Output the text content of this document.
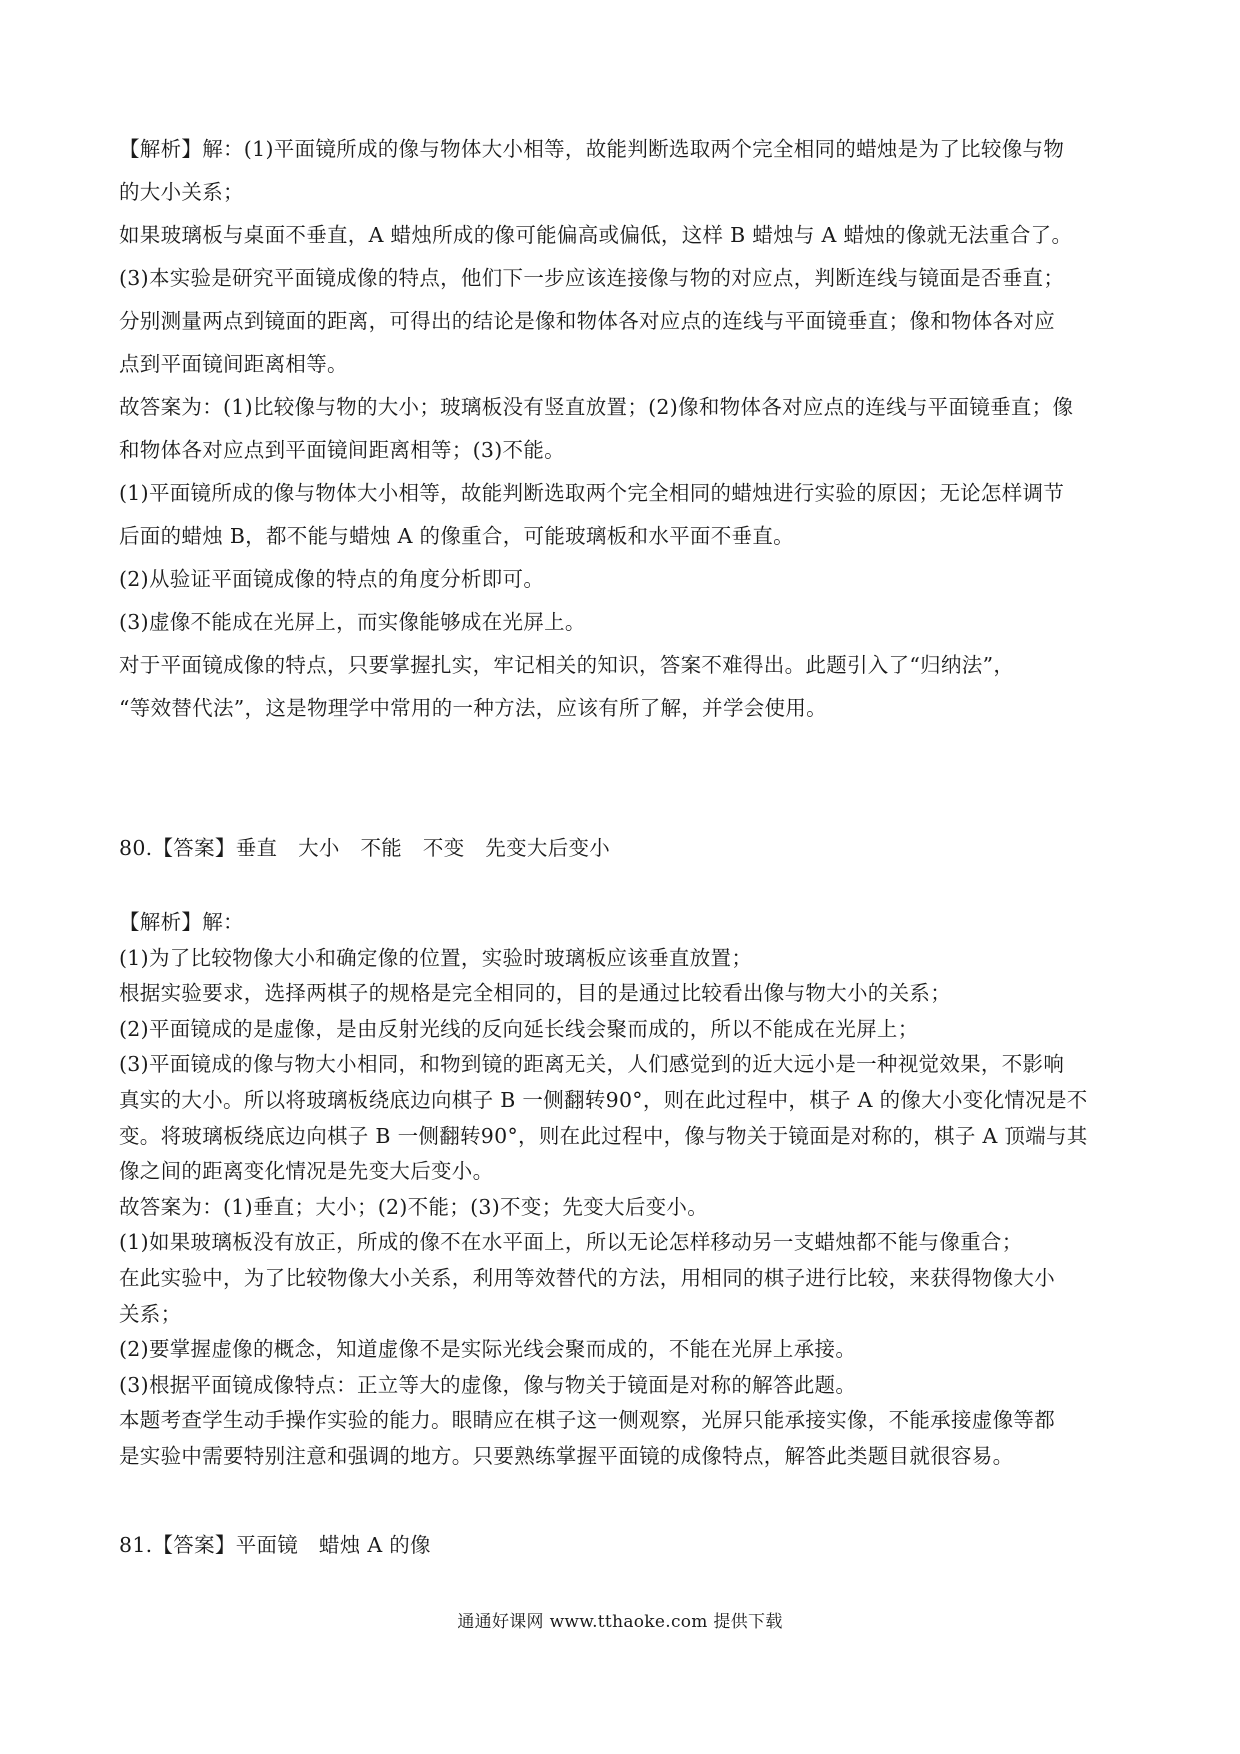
【解析】解：(1)平面镜所成的像与物体大小相等，故能判断选取两个完全相同的蜡烛是为了比较像与物

的大小关系；

如果玻璃板与桌面不垂直，A 蜡烛所成的像可能偏高或偏低，这样 B 蜡烛与 A 蜡烛的像就无法重合了。

(3)本实验是研究平面镜成像的特点，他们下一步应该连接像与物的对应点，判断连线与镜面是否垂直；

分别测量两点到镜面的距离，可得出的结论是像和物体各对应点的连线与平面镜垂直；像和物体各对应

点到平面镜间距离相等。

故答案为：(1)比较像与物的大小；玻璃板没有竖直放置；(2)像和物体各对应点的连线与平面镜垂直；像

和物体各对应点到平面镜间距离相等；(3)不能。

(1)平面镜所成的像与物体大小相等，故能判断选取两个完全相同的蜡烛进行实验的原因；无论怎样调节

后面的蜡烛 B，都不能与蜡烛 A 的像重合，可能玻璃板和水平面不垂直。

(2)从验证平面镜成像的特点的角度分析即可。

(3)虚像不能成在光屏上，而实像能够成在光屏上。

对于平面镜成像的特点，只要掌握扎实，牢记相关的知识，答案不难得出。此题引入了“归纳法”，

“等效替代法”，这是物理学中常用的一种方法，应该有所了解，并学会使用。

80.【答案】垂直　大小　不能　不变　先变大后变小

【解析】解：

(1)为了比较物像大小和确定像的位置，实验时玻璃板应该垂直放置；

根据实验要求，选择两棋子的规格是完全相同的，目的是通过比较看出像与物大小的关系；

(2)平面镜成的是虚像，是由反射光线的反向延长线会聚而成的，所以不能成在光屏上；

(3)平面镜成的像与物大小相同，和物到镜的距离无关，人们感觉到的近大远小是一种视觉效果，不影响

真实的大小。所以将玻璃板绕底边向棋子 B 一侧翻转90°，则在此过程中，棋子 A 的像大小变化情况是不

变。将玻璃板绕底边向棋子 B 一侧翻转90°，则在此过程中，像与物关于镜面是对称的，棋子 A 顶端与其

像之间的距离变化情况是先变大后变小。

故答案为：(1)垂直；大小；(2)不能；(3)不变；先变大后变小。

(1)如果玻璃板没有放正，所成的像不在水平面上，所以无论怎样移动另一支蜡烛都不能与像重合；

在此实验中，为了比较物像大小关系，利用等效替代的方法，用相同的棋子进行比较，来获得物像大小

关系；

(2)要掌握虚像的概念，知道虚像不是实际光线会聚而成的，不能在光屏上承接。

(3)根据平面镜成像特点：正立等大的虚像，像与物关于镜面是对称的解答此题。

本题考查学生动手操作实验的能力。眼睛应在棋子这一侧观察，光屏只能承接实像，不能承接虚像等都

是实验中需要特别注意和强调的地方。只要熟练掌握平面镜的成像特点，解答此类题目就很容易。

81.【答案】平面镜　蜡烛 A 的像

通通好课网 www.tthaoke.com 提供下载
